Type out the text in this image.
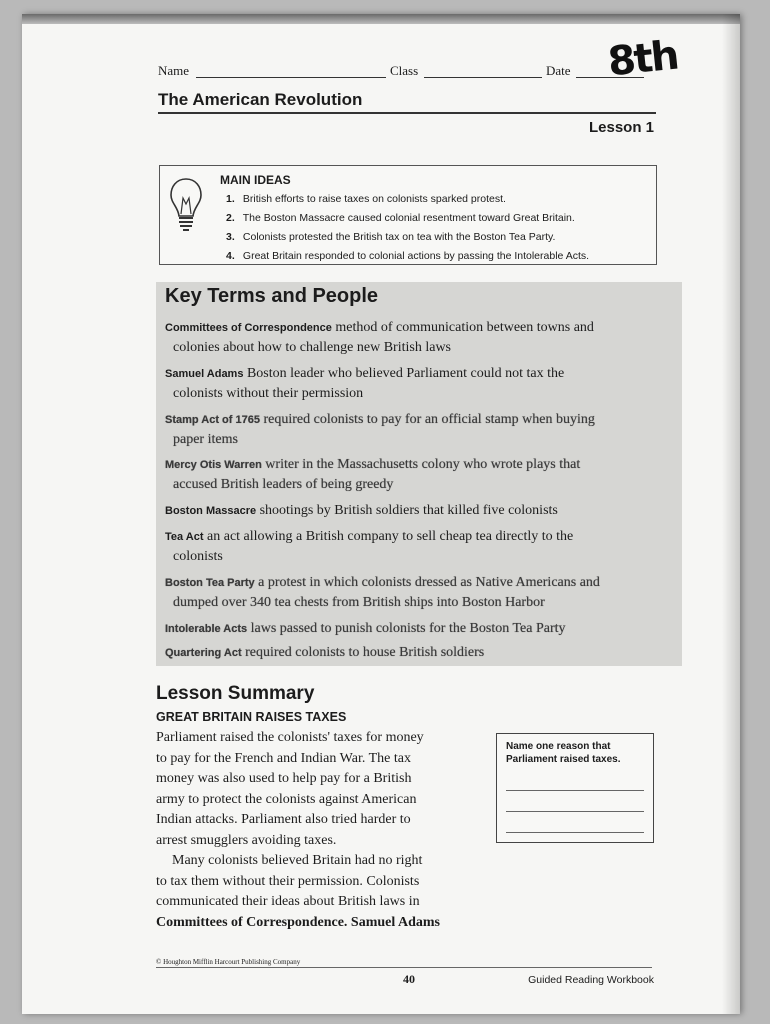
Name	Class	Date 8th
The American Revolution
Lesson 1
MAIN IDEAS
1. British efforts to raise taxes on colonists sparked protest.
2. The Boston Massacre caused colonial resentment toward Great Britain.
3. Colonists protested the British tax on tea with the Boston Tea Party.
4. Great Britain responded to colonial actions by passing the Intolerable Acts.
Key Terms and People
Committees of Correspondence method of communication between towns and
colonies about how to challenge new British laws
Samuel Adams Boston leader who believed Parliament could not tax the
colonists without their permission
Stamp Act of 1765 required colonists to pay for an official stamp when buying
paper items
Mercy Otis Warren writer in the Massachusetts colony who wrote plays that
accused British leaders of being greedy
Boston Massacre shootings by British soldiers that killed five colonists
Tea Act an act allowing a British company to sell cheap tea directly to the
colonists
Boston Tea Party a protest in which colonists dressed as Native Americans and
dumped over 340 tea chests from British ships into Boston Harbor
Intolerable Acts laws passed to punish colonists for the Boston Tea Party
Quartering Act required colonists to house British soldiers
Lesson Summary
GREAT BRITAIN RAISES TAXES
Parliament raised the colonists' taxes for money
to pay for the French and Indian War. The tax
money was also used to help pay for a British
army to protect the colonists against American
Indian attacks. Parliament also tried harder to
arrest smugglers avoiding taxes.
Many colonists believed Britain had no right
to tax them without their permission. Colonists
communicated their ideas about British laws in
Committees of Correspondence. Samuel Adams
Name one reason that Parliament raised taxes.
© Houghton Mifflin Harcourt Publishing Company
40	Guided Reading Workbook
